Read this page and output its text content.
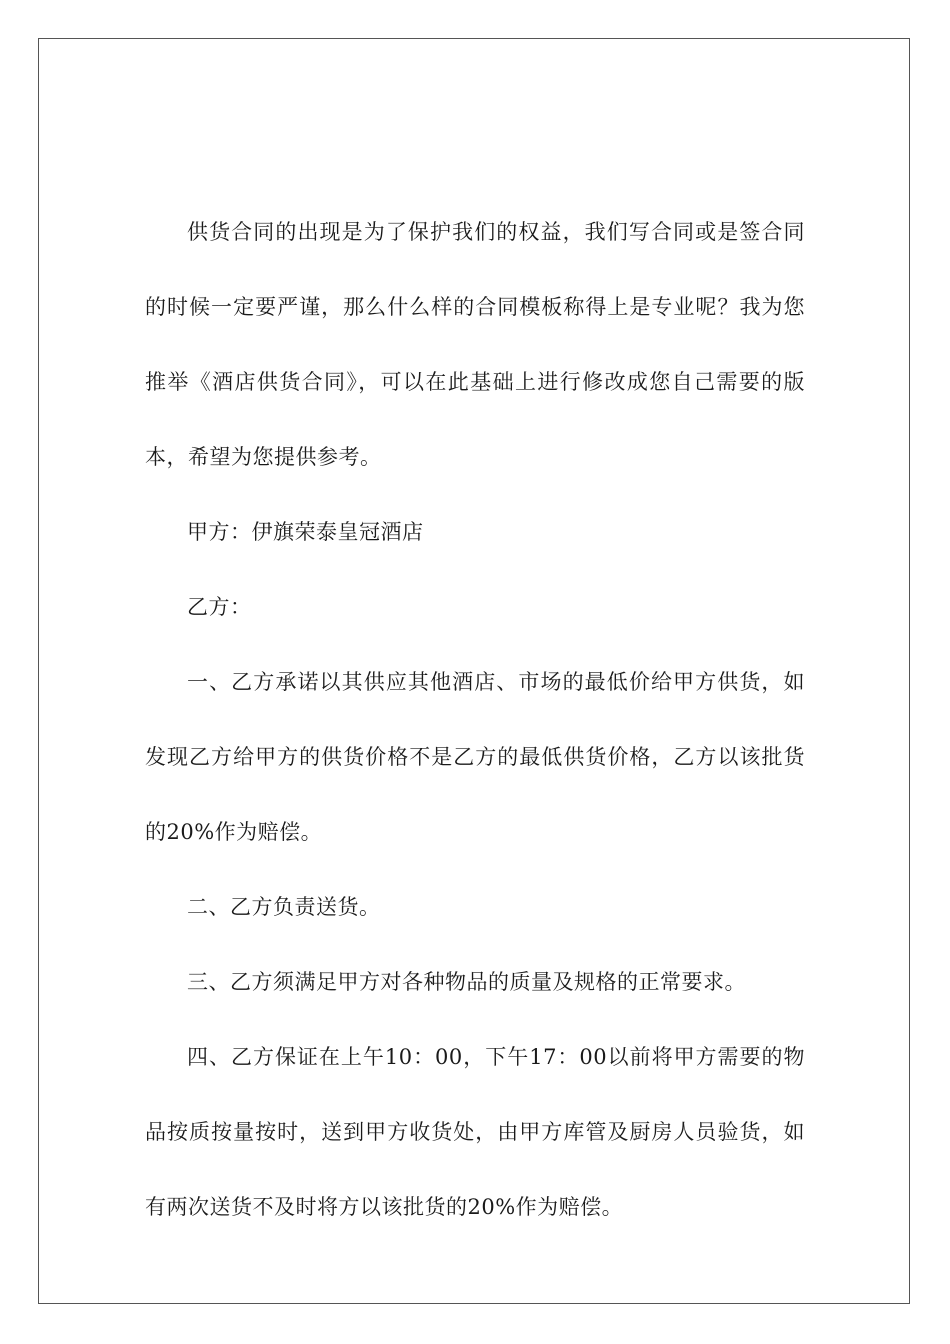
供货合同的出现是为了保护我们的权益，我们写合同或是签合同的时候一定要严谨，那么什么样的合同模板称得上是专业呢？我为您推举《酒店供货合同》，可以在此基础上进行修改成您自己需要的版本，希望为您提供参考。

甲方：伊旗荣泰皇冠酒店

乙方：

一、乙方承诺以其供应其他酒店、市场的最低价给甲方供货，如发现乙方给甲方的供货价格不是乙方的最低供货价格，乙方以该批货的20%作为赔偿。

二、乙方负责送货。

三、乙方须满足甲方对各种物品的质量及规格的正常要求。

四、乙方保证在上午10：00，下午17：00以前将甲方需要的物品按质按量按时，送到甲方收货处，由甲方库管及厨房人员验货，如有两次送货不及时将方以该批货的20%作为赔偿。
